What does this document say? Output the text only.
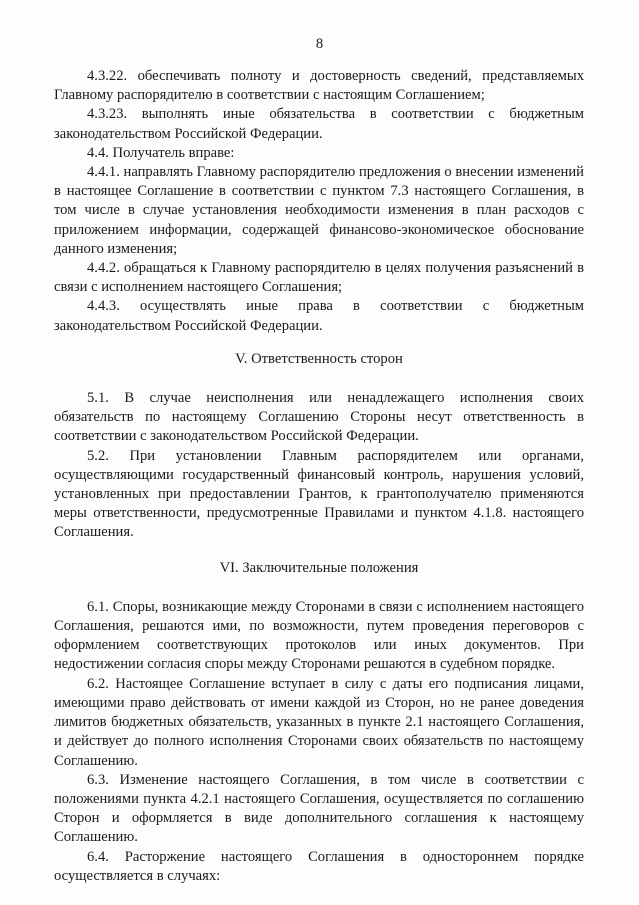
8

4.3.22. обеспечивать полноту и достоверность сведений, представляемых Главному распорядителю в соответствии с настоящим Соглашением;

4.3.23. выполнять иные обязательства в соответствии с бюджетным законодательством Российской Федерации.

4.4. Получатель вправе:

4.4.1. направлять Главному распорядителю предложения о внесении изменений в настоящее Соглашение в соответствии с пунктом 7.3 настоящего Соглашения, в том числе в случае установления необходимости изменения в план расходов с приложением информации, содержащей финансово-экономическое обоснование данного изменения;

4.4.2. обращаться к Главному распорядителю в целях получения разъяснений в связи с исполнением настоящего Соглашения;

4.4.3. осуществлять иные права в соответствии с бюджетным законодательством Российской Федерации.

V. Ответственность сторон

5.1. В случае неисполнения или ненадлежащего исполнения своих обязательств по настоящему Соглашению Стороны несут ответственность в соответствии с законодательством Российской Федерации.

5.2. При установлении Главным распорядителем или органами, осуществляющими государственный финансовый контроль, нарушения условий, установленных при предоставлении Грантов, к грантополучателю применяются меры ответственности, предусмотренные Правилами и пунктом 4.1.8. настоящего Соглашения.

VI. Заключительные положения

6.1. Споры, возникающие между Сторонами в связи с исполнением настоящего Соглашения, решаются ими, по возможности, путем проведения переговоров с оформлением соответствующих протоколов или иных документов. При недостижении согласия споры между Сторонами решаются в судебном порядке.

6.2. Настоящее Соглашение вступает в силу с даты его подписания лицами, имеющими право действовать от имени каждой из Сторон, но не ранее доведения лимитов бюджетных обязательств, указанных в пункте 2.1 настоящего Соглашения, и действует до полного исполнения Сторонами своих обязательств по настоящему Соглашению.

6.3. Изменение настоящего Соглашения, в том числе в соответствии с положениями пункта 4.2.1 настоящего Соглашения, осуществляется по соглашению Сторон и оформляется в виде дополнительного соглашения к настоящему Соглашению.

6.4. Расторжение настоящего Соглашения в одностороннем порядке осуществляется в случаях:
